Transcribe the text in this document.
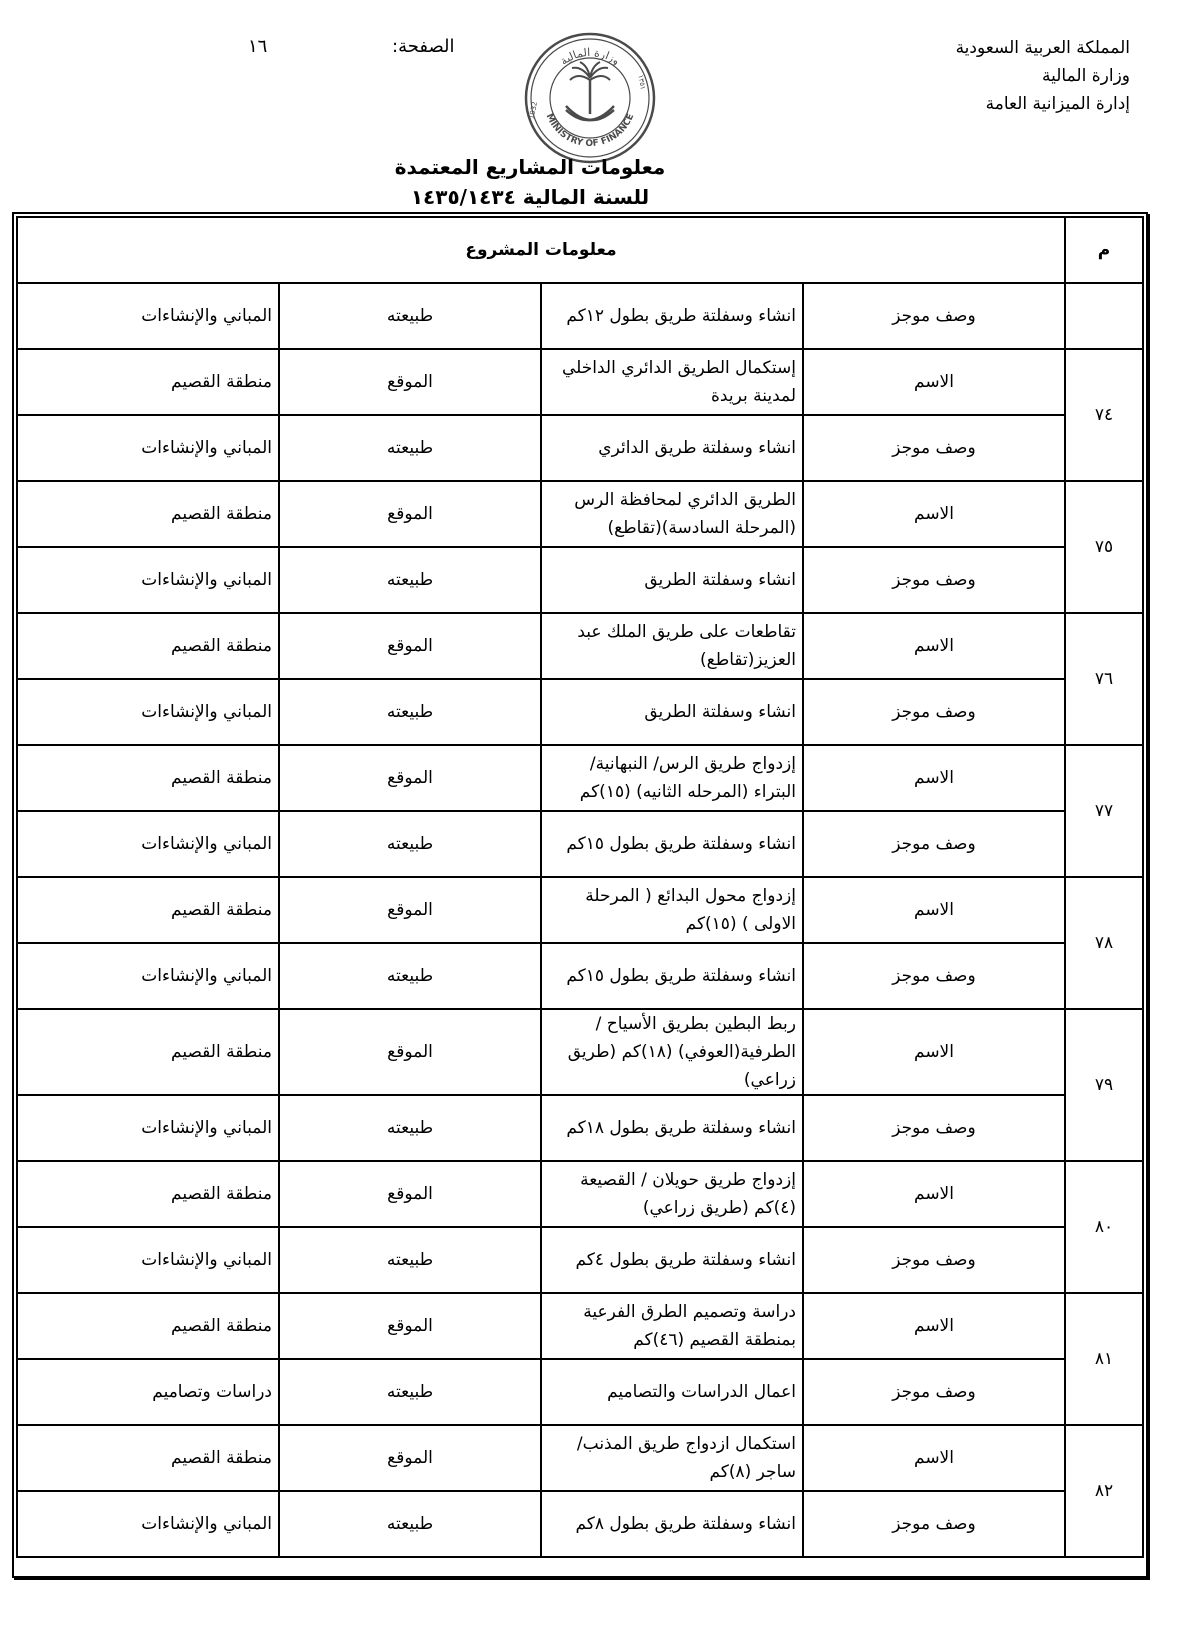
المملكة العربية السعودية
وزارة المالية
إدارة الميزانية العامة
الصفحة:
١٦
وزارة المالية
MINISTRY OF FINANCE
1932
١٣٥١
معلومات المشاريع المعتمدة
للسنة المالية ١٤٣٥/١٤٣٤
م	معلومات المشروع			
	وصف موجز	انشاء وسفلتة طريق بطول ١٢كم	طبيعته	المباني والإنشاءات
٧٤	الاسم	إستكمال الطريق الدائري الداخلي لمدينة بريدة	الموقع	منطقة القصيم
	وصف موجز	انشاء وسفلتة طريق الدائري	طبيعته	المباني والإنشاءات
٧٥	الاسم	الطريق الدائري لمحافظة الرس (المرحلة السادسة)(تقاطع)	الموقع	منطقة القصيم
	وصف موجز	انشاء وسفلتة الطريق	طبيعته	المباني والإنشاءات
٧٦	الاسم	تقاطعات على طريق الملك عبد العزيز(تقاطع)	الموقع	منطقة القصيم
	وصف موجز	انشاء وسفلتة الطريق	طبيعته	المباني والإنشاءات
٧٧	الاسم	إزدواج طريق الرس/ النبهانية/ البتراء (المرحله الثانيه) (١٥)كم	الموقع	منطقة القصيم
	وصف موجز	انشاء وسفلتة طريق بطول ١٥كم	طبيعته	المباني والإنشاءات
٧٨	الاسم	إزدواج محول البدائع ( المرحلة الاولى ) (١٥)كم	الموقع	منطقة القصيم
	وصف موجز	انشاء وسفلتة طريق بطول ١٥كم	طبيعته	المباني والإنشاءات
٧٩	الاسم	ربط البطين بطريق الأسياح / الطرفية(العوفي) (١٨)كم (طريق زراعي)	الموقع	منطقة القصيم
	وصف موجز	انشاء وسفلتة طريق بطول ١٨كم	طبيعته	المباني والإنشاءات
٨٠	الاسم	إزدواج طريق حويلان / القصيعة (٤)كم (طريق زراعي)	الموقع	منطقة القصيم
	وصف موجز	انشاء وسفلتة طريق بطول ٤كم	طبيعته	المباني والإنشاءات
٨١	الاسم	دراسة وتصميم الطرق الفرعية بمنطقة القصيم (٤٦)كم	الموقع	منطقة القصيم
	وصف موجز	اعمال الدراسات والتصاميم	طبيعته	دراسات وتصاميم
٨٢	الاسم	استكمال ازدواج طريق المذنب/ ساجر (٨)كم	الموقع	منطقة القصيم
	وصف موجز	انشاء وسفلتة طريق بطول ٨كم	طبيعته	المباني والإنشاءات
